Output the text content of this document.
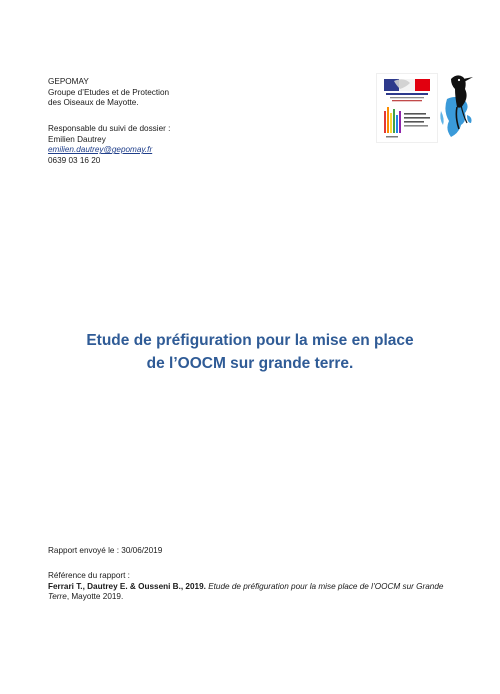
GEPOMAY
Groupe d’Etudes et de Protection
des Oiseaux de Mayotte.
Responsable du suivi de dossier :
Emilien Dautrey
emilien.dautrey@gepomay.fr
0639 03 16 20
Etude de préfiguration pour la mise en place
de l’OOCM sur grande terre.
Rapport envoyé le : 30/06/2019
Référence du rapport :
Ferrari T., Dautrey E. & Ousseni B., 2019. Etude de préfiguration pour la mise place de l’OOCM sur Grande Terre, Mayotte 2019.
